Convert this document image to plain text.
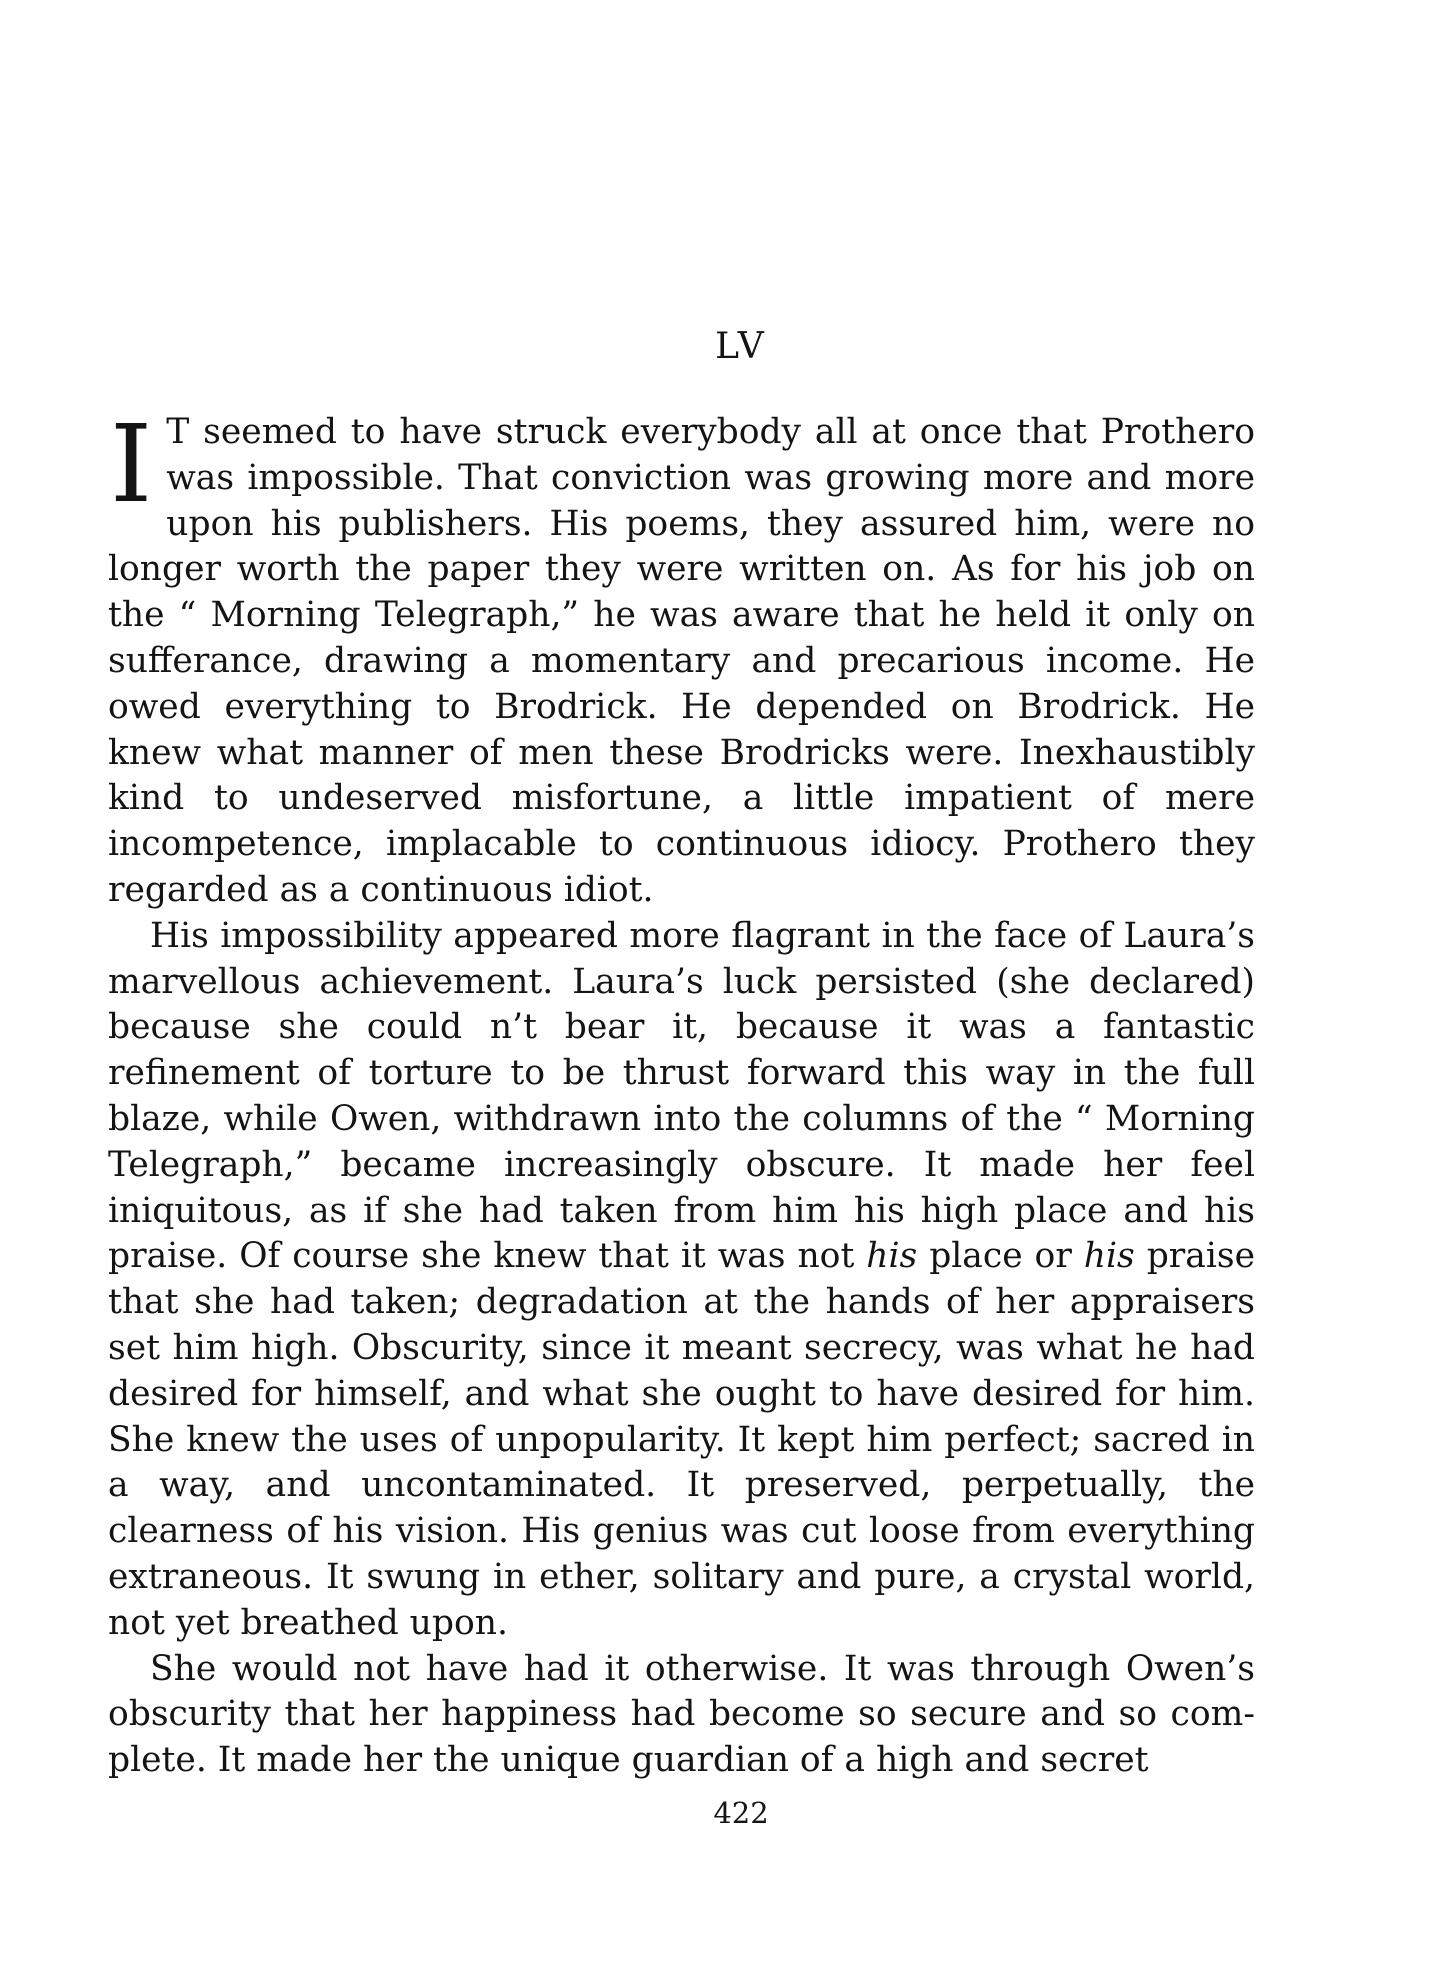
LV

I T seemed to have struck everybody all at once that Prothero was impossible. That conviction was growing more and more upon his publishers. His poems, they assured him, were no longer worth the paper they were written on. As for his job on the “ Morning Telegraph,” he was aware that he held it only on sufferance, drawing a momentary and precarious income. He owed everything to Brodrick. He depended on Brodrick. He knew what manner of men these Brodricks were. Inexhaustibly kind to undeserved misfortune, a little impatient of mere incompetence, implacable to continuous idiocy. Prothero they regarded as a continuous idiot.

His impossibility appeared more flagrant in the face of Laura’s marvellous achievement. Laura’s luck persisted (she declared) because she could n’t bear it, because it was a fantastic refinement of torture to be thrust forward this way in the full blaze, while Owen, withdrawn into the columns of the “ Morning Telegraph,” became increasingly obscure. It made her feel iniquitous, as if she had taken from him his high place and his praise. Of course she knew that it was not his place or his praise that she had taken; degradation at the hands of her appraisers set him high. Obscurity, since it meant secrecy, was what he had desired for himself, and what she ought to have desired for him. She knew the uses of unpopularity. It kept him perfect; sacred in a way, and uncontaminated. It preserved, perpetually, the clearness of his vision. His genius was cut loose from everything extraneous. It swung in ether, solitary and pure, a crystal world, not yet breathed upon.

She would not have had it otherwise. It was through Owen’s obscurity that her happiness had become so secure and so complete. It made her the unique guardian of a high and secret

422
